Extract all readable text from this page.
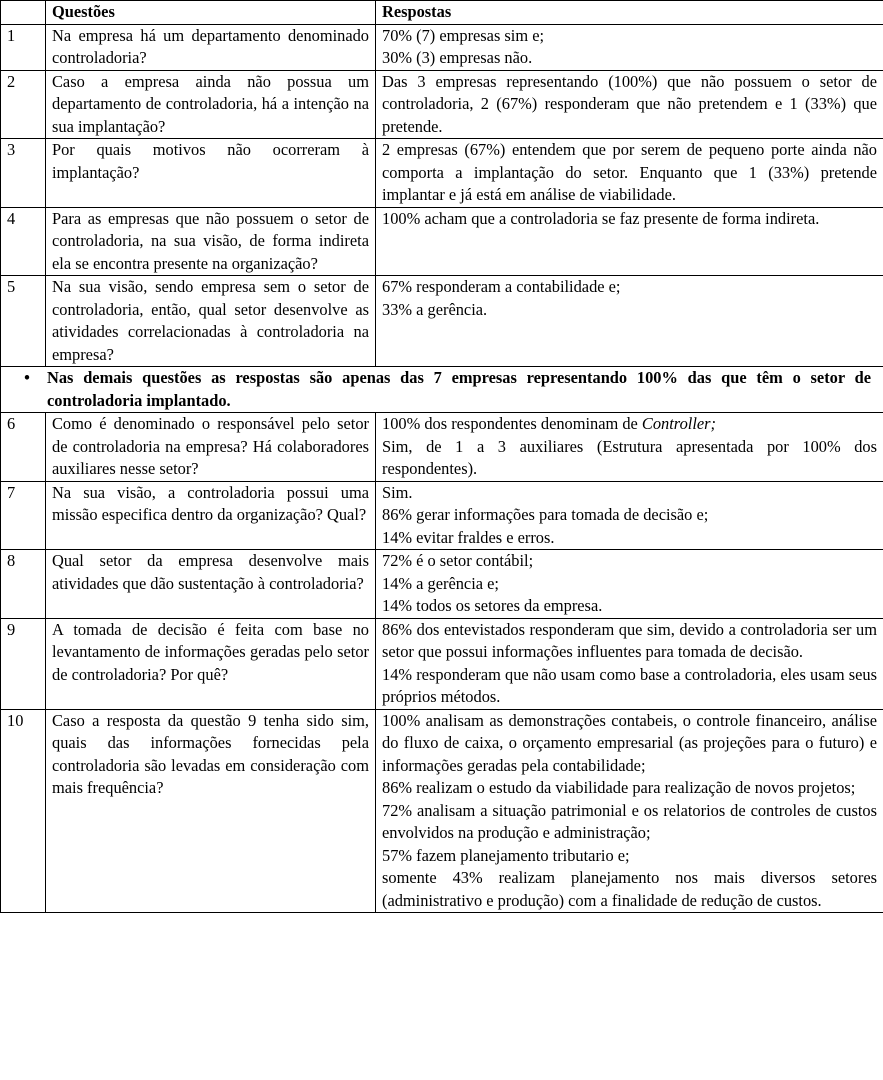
	Questões	Respostas
1	Na empresa há um departamento denominado controladoria?	70% (7) empresas sim e;
30% (3) empresas não.

2	Caso a empresa ainda não possua um departamento de controladoria, há a intenção na sua implantação?	Das 3 empresas representando (100%) que não possuem o setor de controladoria, 2 (67%) responderam que não pretendem e 1 (33%) que pretende.

3	Por quais motivos não ocorreram à implantação?	2 empresas (67%) entendem que por serem de pequeno porte ainda não comporta a implantação do setor. Enquanto que 1 (33%) pretende implantar e já está em análise de viabilidade.

4	Para as empresas que não possuem o setor de controladoria, na sua visão, de forma indireta ela se encontra presente na organização?	100% acham que a controladoria se faz presente de forma indireta.

5	Na sua visão, sendo empresa sem o setor de controladoria, então, qual setor desenvolve as atividades correlacionadas à controladoria na empresa?	67% responderam a contabilidade e;
33% a gerência.

• Nas demais questões as respostas são apenas das 7 empresas representando 100% das que têm o setor de controladoria implantado.		

6	Como é denominado o responsável pelo setor de controladoria na empresa? Há colaboradores auxiliares nesse setor?	100% dos respondentes denominam de Controller;
Sim, de 1 a 3 auxiliares (Estrutura apresentada por 100% dos respondentes).

7	Na sua visão, a controladoria possui uma missão especifica dentro da organização? Qual?	Sim.
86% gerar informações para tomada de decisão e;
14% evitar fraldes e erros.

8	Qual setor da empresa desenvolve mais atividades que dão sustentação à controladoria?	72% é o setor contábil;
14% a gerência e;
14% todos os setores da empresa.

9	A tomada de decisão é feita com base no levantamento de informações geradas pelo setor de controladoria? Por quê?	86% dos entevistados responderam que sim, devido a controladoria ser um setor que possui informações influentes para tomada de decisão.
14% responderam que não usam como base a controladoria, eles usam seus próprios métodos.

10	Caso a resposta da questão 9 tenha sido sim, quais das informações fornecidas pela controladoria são levadas em consideração com mais frequência?	100% analisam as demonstrações contabeis, o controle financeiro, análise do fluxo de caixa, o orçamento empresarial (as projeções para o futuro) e informações geradas pela contabilidade;
86% realizam o estudo da viabilidade para realização de novos projetos;
72% analisam a situação patrimonial e os relatorios de controles de custos envolvidos na produção e administração;
57% fazem planejamento tributario e;
somente 43% realizam planejamento nos mais diversos setores (administrativo e produção) com a finalidade de redução de custos.
